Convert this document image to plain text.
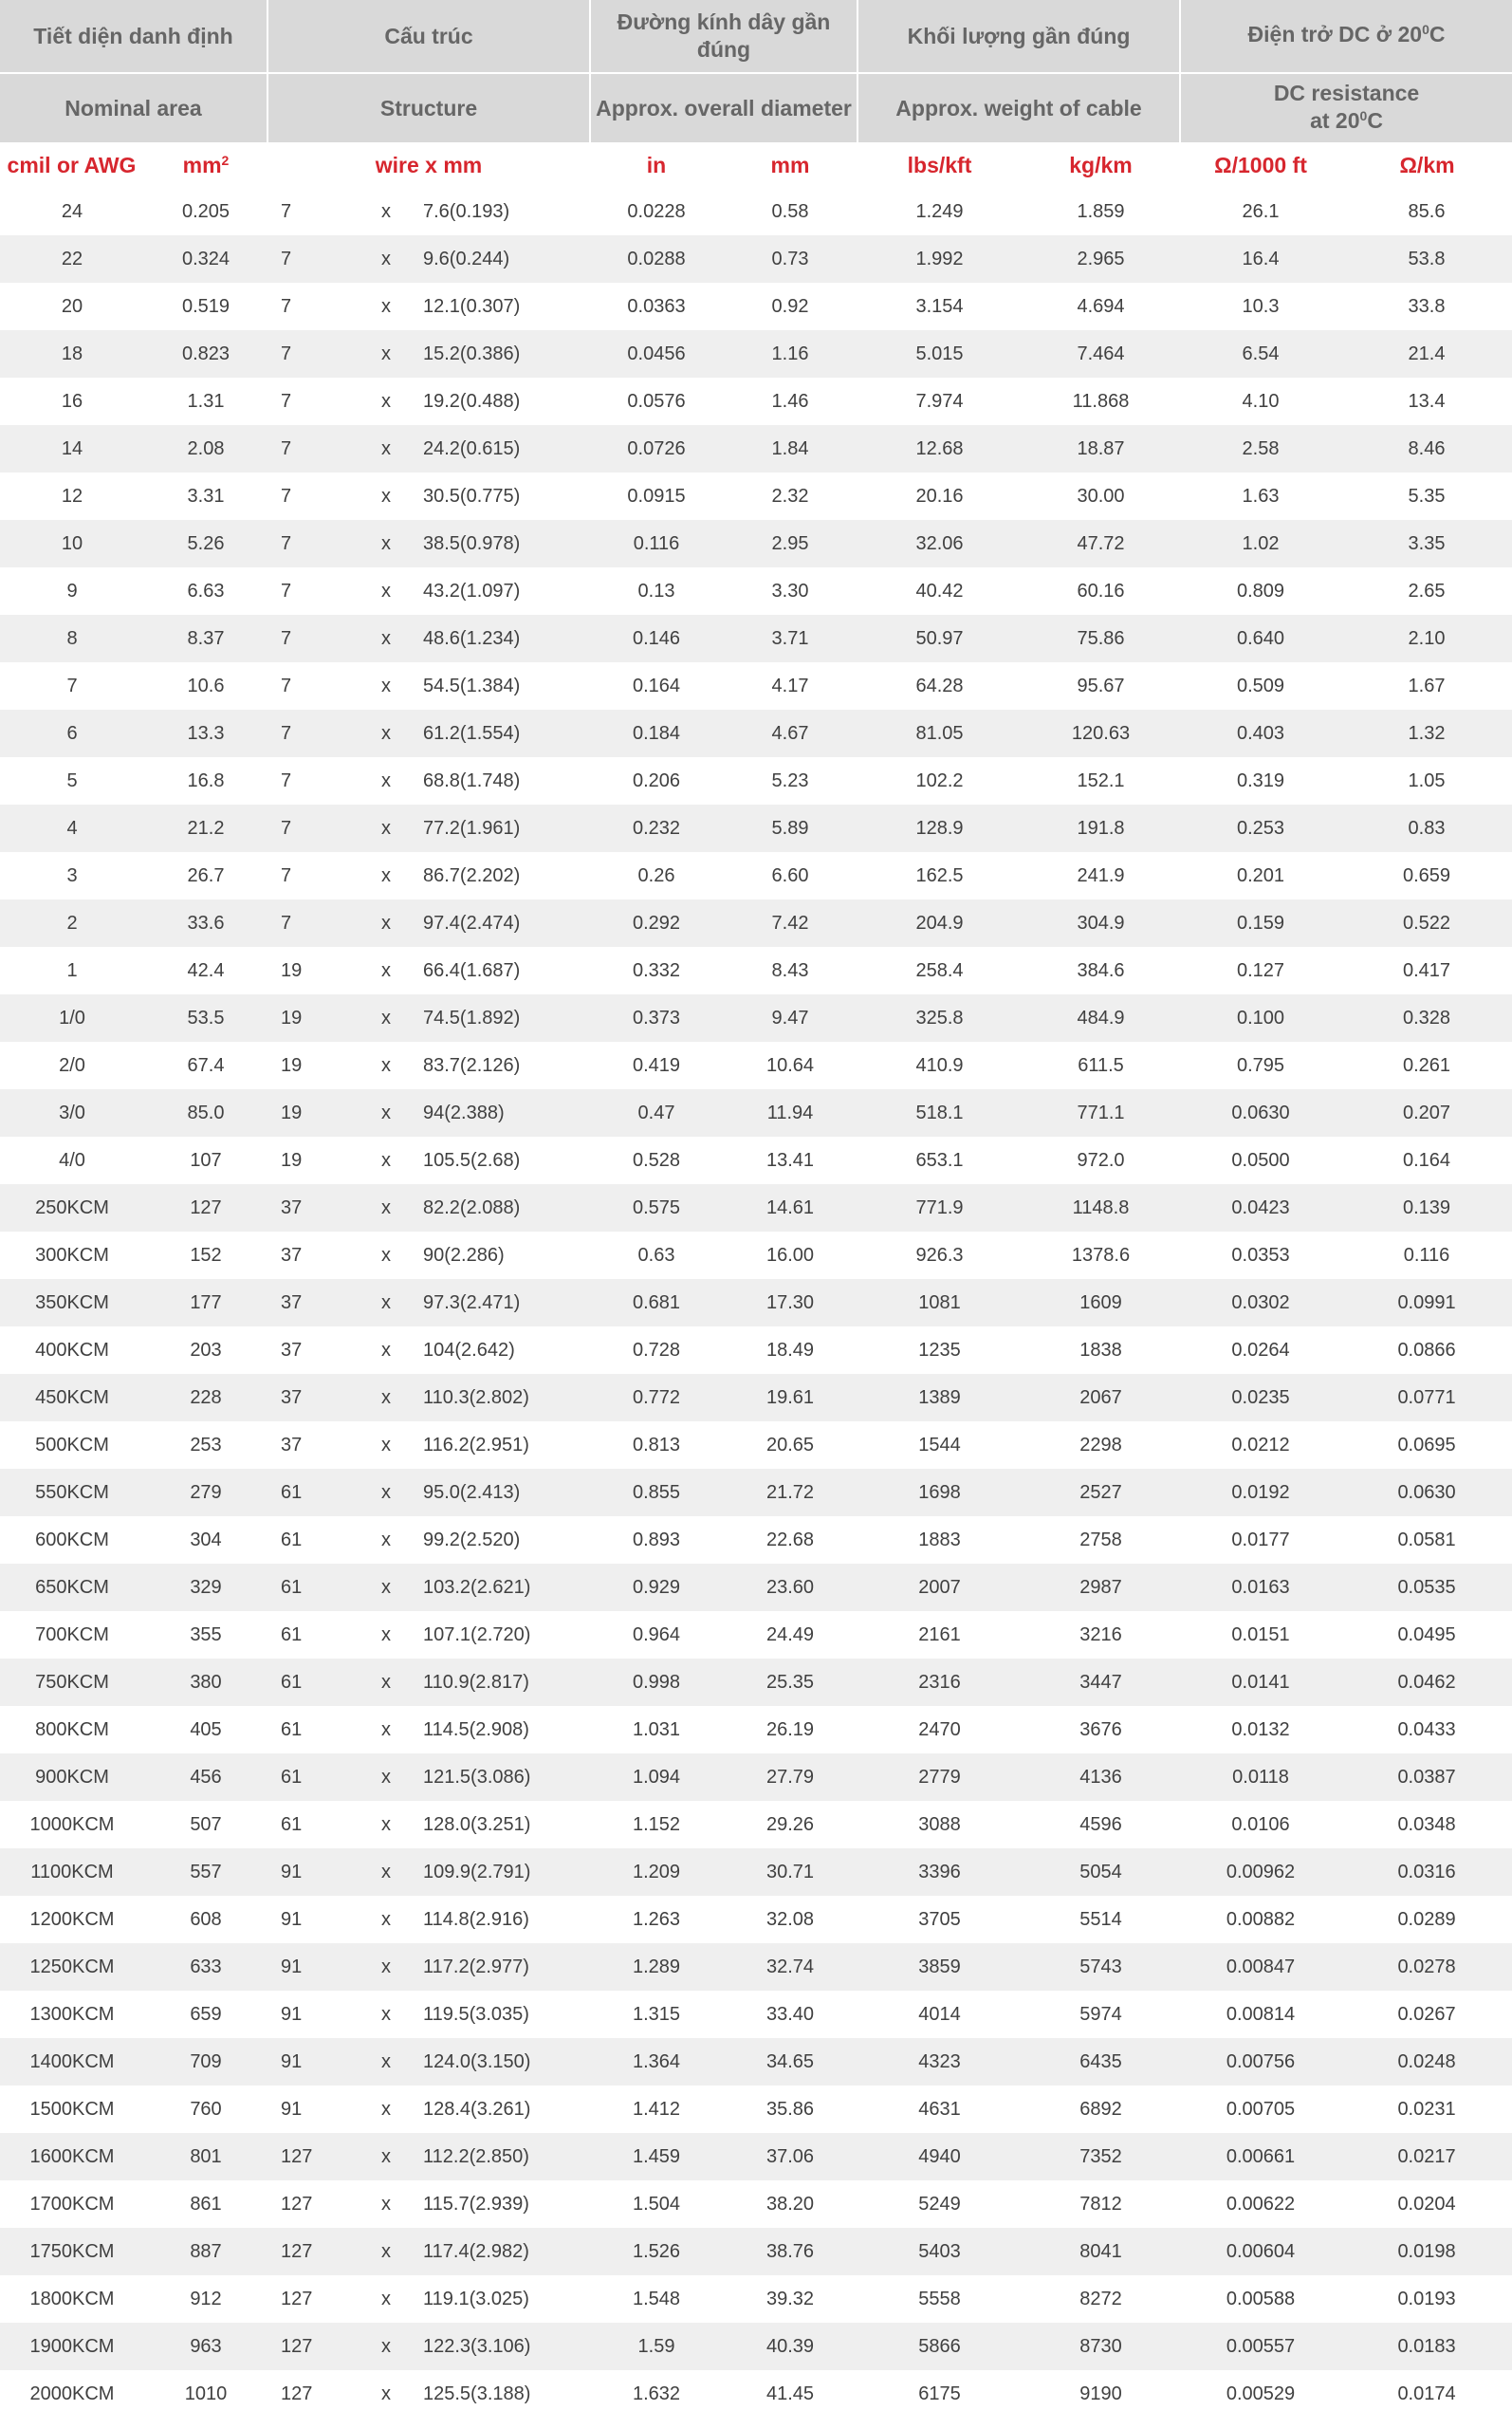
Tiết diện danh định		Cấu trúc			Đường kính dây gần đúng		Khối lượng gần đúng		Điện trở DC ở $20^0C$	
Nominal area		Structure			Approx. overall diameter		Approx. weight of cable		DC resistance
at $20^0C$	
cmil or AWG	$mm^2$	wire x mm			in	mm	lbs/kft	kg/km	Ω/1000 ft	Ω/km
24	0.205	7	x	7.6(0.193)	0.0228	0.58	1.249	1.859	26.1	85.6
22	0.324	7	x	9.6(0.244)	0.0288	0.73	1.992	2.965	16.4	53.8
20	0.519	7	x	12.1(0.307)	0.0363	0.92	3.154	4.694	10.3	33.8
18	0.823	7	x	15.2(0.386)	0.0456	1.16	5.015	7.464	6.54	21.4
16	1.31	7	x	19.2(0.488)	0.0576	1.46	7.974	11.868	4.10	13.4
14	2.08	7	x	24.2(0.615)	0.0726	1.84	12.68	18.87	2.58	8.46
12	3.31	7	x	30.5(0.775)	0.0915	2.32	20.16	30.00	1.63	5.35
10	5.26	7	x	38.5(0.978)	0.116	2.95	32.06	47.72	1.02	3.35
9	6.63	7	x	43.2(1.097)	0.13	3.30	40.42	60.16	0.809	2.65
8	8.37	7	x	48.6(1.234)	0.146	3.71	50.97	75.86	0.640	2.10
7	10.6	7	x	54.5(1.384)	0.164	4.17	64.28	95.67	0.509	1.67
6	13.3	7	x	61.2(1.554)	0.184	4.67	81.05	120.63	0.403	1.32
5	16.8	7	x	68.8(1.748)	0.206	5.23	102.2	152.1	0.319	1.05
4	21.2	7	x	77.2(1.961)	0.232	5.89	128.9	191.8	0.253	0.83
3	26.7	7	x	86.7(2.202)	0.26	6.60	162.5	241.9	0.201	0.659
2	33.6	7	x	97.4(2.474)	0.292	7.42	204.9	304.9	0.159	0.522
1	42.4	19	x	66.4(1.687)	0.332	8.43	258.4	384.6	0.127	0.417
1/0	53.5	19	x	74.5(1.892)	0.373	9.47	325.8	484.9	0.100	0.328
2/0	67.4	19	x	83.7(2.126)	0.419	10.64	410.9	611.5	0.795	0.261
3/0	85.0	19	x	94(2.388)	0.47	11.94	518.1	771.1	0.0630	0.207
4/0	107	19	x	105.5(2.68)	0.528	13.41	653.1	972.0	0.0500	0.164
250KCM	127	37	x	82.2(2.088)	0.575	14.61	771.9	1148.8	0.0423	0.139
300KCM	152	37	x	90(2.286)	0.63	16.00	926.3	1378.6	0.0353	0.116
350KCM	177	37	x	97.3(2.471)	0.681	17.30	1081	1609	0.0302	0.0991
400KCM	203	37	x	104(2.642)	0.728	18.49	1235	1838	0.0264	0.0866
450KCM	228	37	x	110.3(2.802)	0.772	19.61	1389	2067	0.0235	0.0771
500KCM	253	37	x	116.2(2.951)	0.813	20.65	1544	2298	0.0212	0.0695
550KCM	279	61	x	95.0(2.413)	0.855	21.72	1698	2527	0.0192	0.0630
600KCM	304	61	x	99.2(2.520)	0.893	22.68	1883	2758	0.0177	0.0581
650KCM	329	61	x	103.2(2.621)	0.929	23.60	2007	2987	0.0163	0.0535
700KCM	355	61	x	107.1(2.720)	0.964	24.49	2161	3216	0.0151	0.0495
750KCM	380	61	x	110.9(2.817)	0.998	25.35	2316	3447	0.0141	0.0462
800KCM	405	61	x	114.5(2.908)	1.031	26.19	2470	3676	0.0132	0.0433
900KCM	456	61	x	121.5(3.086)	1.094	27.79	2779	4136	0.0118	0.0387
1000KCM	507	61	x	128.0(3.251)	1.152	29.26	3088	4596	0.0106	0.0348
1100KCM	557	91	x	109.9(2.791)	1.209	30.71	3396	5054	0.00962	0.0316
1200KCM	608	91	x	114.8(2.916)	1.263	32.08	3705	5514	0.00882	0.0289
1250KCM	633	91	x	117.2(2.977)	1.289	32.74	3859	5743	0.00847	0.0278
1300KCM	659	91	x	119.5(3.035)	1.315	33.40	4014	5974	0.00814	0.0267
1400KCM	709	91	x	124.0(3.150)	1.364	34.65	4323	6435	0.00756	0.0248
1500KCM	760	91	x	128.4(3.261)	1.412	35.86	4631	6892	0.00705	0.0231
1600KCM	801	127	x	112.2(2.850)	1.459	37.06	4940	7352	0.00661	0.0217
1700KCM	861	127	x	115.7(2.939)	1.504	38.20	5249	7812	0.00622	0.0204
1750KCM	887	127	x	117.4(2.982)	1.526	38.76	5403	8041	0.00604	0.0198
1800KCM	912	127	x	119.1(3.025)	1.548	39.32	5558	8272	0.00588	0.0193
1900KCM	963	127	x	122.3(3.106)	1.59	40.39	5866	8730	0.00557	0.0183
2000KCM	1010	127	x	125.5(3.188)	1.632	41.45	6175	9190	0.00529	0.0174
